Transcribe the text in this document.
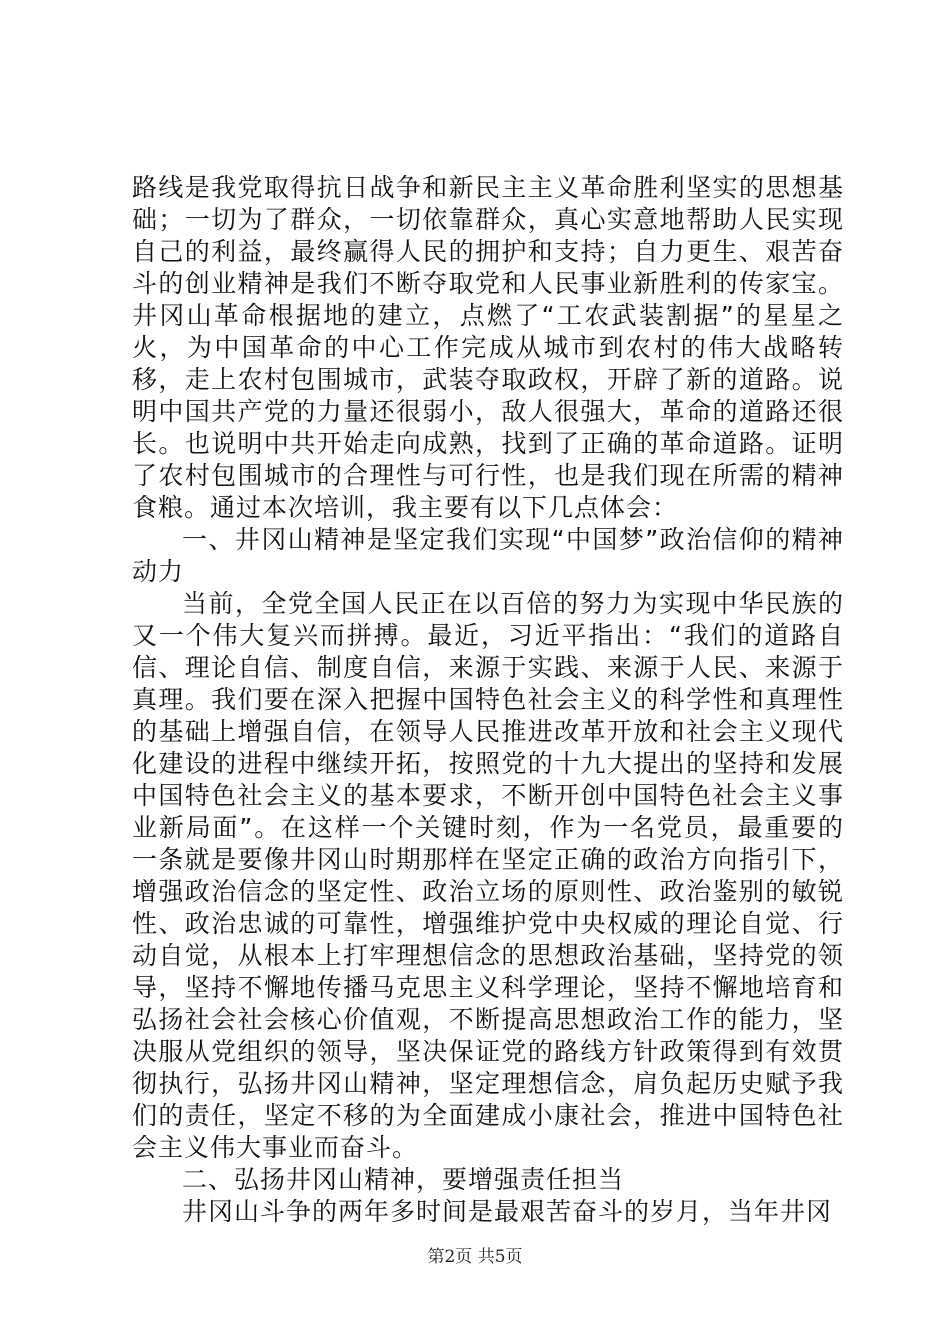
路线是我党取得抗日战争和新民主主义革命胜利坚实的思想基础；一切为了群众，一切依靠群众，真心实意地帮助人民实现自己的利益，最终赢得人民的拥护和支持；自力更生、艰苦奋斗的创业精神是我们不断夺取党和人民事业新胜利的传家宝。井冈山革命根据地的建立，点燃了“工农武装割据”的星星之火，为中国革命的中心工作完成从城市到农村的伟大战略转移，走上农村包围城市，武装夺取政权，开辟了新的道路。说明中国共产党的力量还很弱小，敌人很强大，革命的道路还很长。也说明中共开始走向成熟，找到了正确的革命道路。证明了农村包围城市的合理性与可行性，也是我们现在所需的精神食粮。通过本次培训，我主要有以下几点体会：

一、井冈山精神是坚定我们实现“中国梦”政治信仰的精神动力

当前，全党全国人民正在以百倍的努力为实现中华民族的又一个伟大复兴而拼搏。最近，习近平指出：“我们的道路自信、理论自信、制度自信，来源于实践、来源于人民、来源于真理。我们要在深入把握中国特色社会主义的科学性和真理性的基础上增强自信，在领导人民推进改革开放和社会主义现代化建设的进程中继续开拓，按照党的十九大提出的坚持和发展中国特色社会主义的基本要求，不断开创中国特色社会主义事业新局面”。在这样一个关键时刻，作为一名党员，最重要的一条就是要像井冈山时期那样在坚定正确的政治方向指引下，增强政治信念的坚定性、政治立场的原则性、政治鉴别的敏锐性、政治忠诚的可靠性，增强维护党中央权威的理论自觉、行动自觉，从根本上打牢理想信念的思想政治基础，坚持党的领导，坚持不懈地传播马克思主义科学理论，坚持不懈地培育和弘扬社会社会核心价值观，不断提高思想政治工作的能力，坚决服从党组织的领导，坚决保证党的路线方针政策得到有效贯彻执行，弘扬井冈山精神，坚定理想信念，肩负起历史赋予我们的责任，坚定不移的为全面建成小康社会，推进中国特色社会主义伟大事业而奋斗。

二、弘扬井冈山精神，要增强责任担当

井冈山斗争的两年多时间是最艰苦奋斗的岁月，当年井冈

第2页 共5页
